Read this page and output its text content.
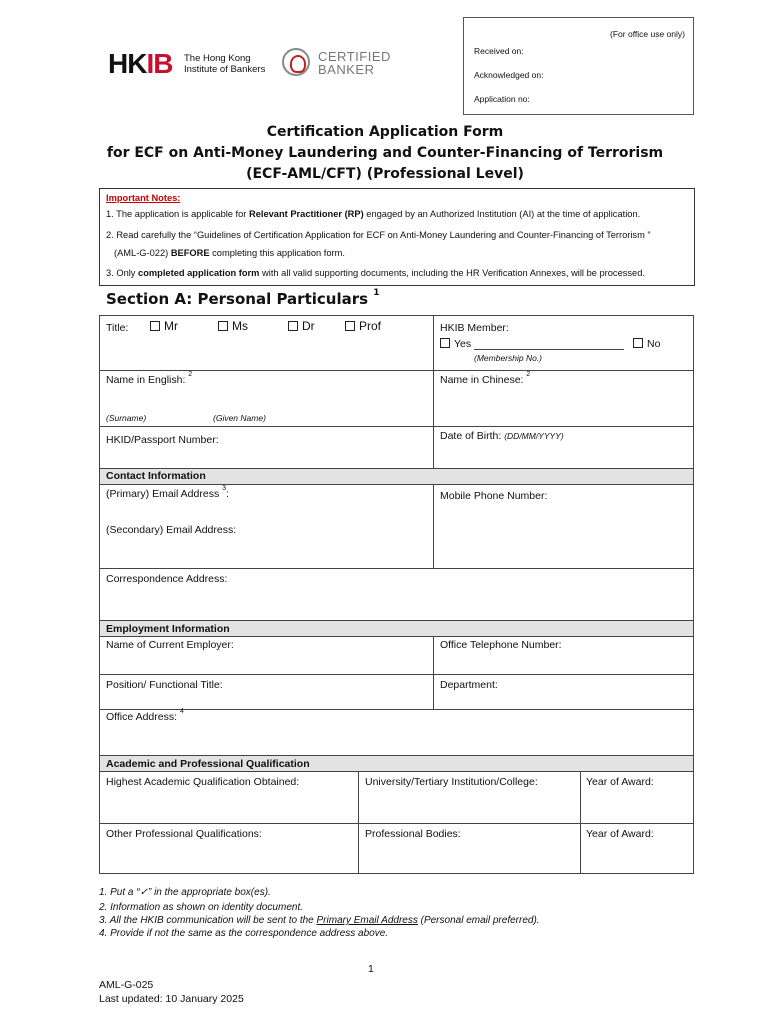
HKIB The Hong Kong
Institute of Bankers
CERTIFIED
BANKER
(For office use only)
Received on:
Acknowledged on:
Application no:
Certification Application Form
for ECF on Anti-Money Laundering and Counter-Financing of Terrorism
(ECF-AML/CFT) (Professional Level)

Important Notes:

1. The application is applicable for Relevant Practitioner (RP) engaged by an Authorized Institution (AI) at the time of application.

2. Read carefully the “Guidelines of Certification Application for ECF on Anti-Money Laundering and Counter-Financing of Terrorism ”

(AML-G-022) BEFORE completing this application form.

3. Only completed application form with all valid supporting documents, including the HR Verification Annexes, will be processed.

Section A: Personal Particulars $^1$
Title:	Mr	Ms	Dr	Prof	HKIB Member:
Yes	No
(Membership No.)
Name in English: $^2$	Name in Chinese: $^2$
(Surname)	(Given Name)
HKID/Passport Number:	Date of Birth: (DD/MM/YYYY)
Contact Information
(Primary) Email Address $^3$:	Mobile Phone Number:
(Secondary) Email Address:
Correspondence Address:
Employment Information
Name of Current Employer:	Office Telephone Number:
Position/ Functional Title:	Department:
Office Address: $^4$
Academic and Professional Qualification
Highest Academic Qualification Obtained:	University/Tertiary Institution/College:	Year of Award:
Other Professional Qualifications:	Professional Bodies:	Year of Award:
1. Put a “✓” in the appropriate box(es).
2. Information as shown on identity document.
3. All the HKIB communication will be sent to the Primary Email Address (Personal email preferred).
4. Provide if not the same as the correspondence address above.
1
AML-G-025
Last updated: 10 January 2025
